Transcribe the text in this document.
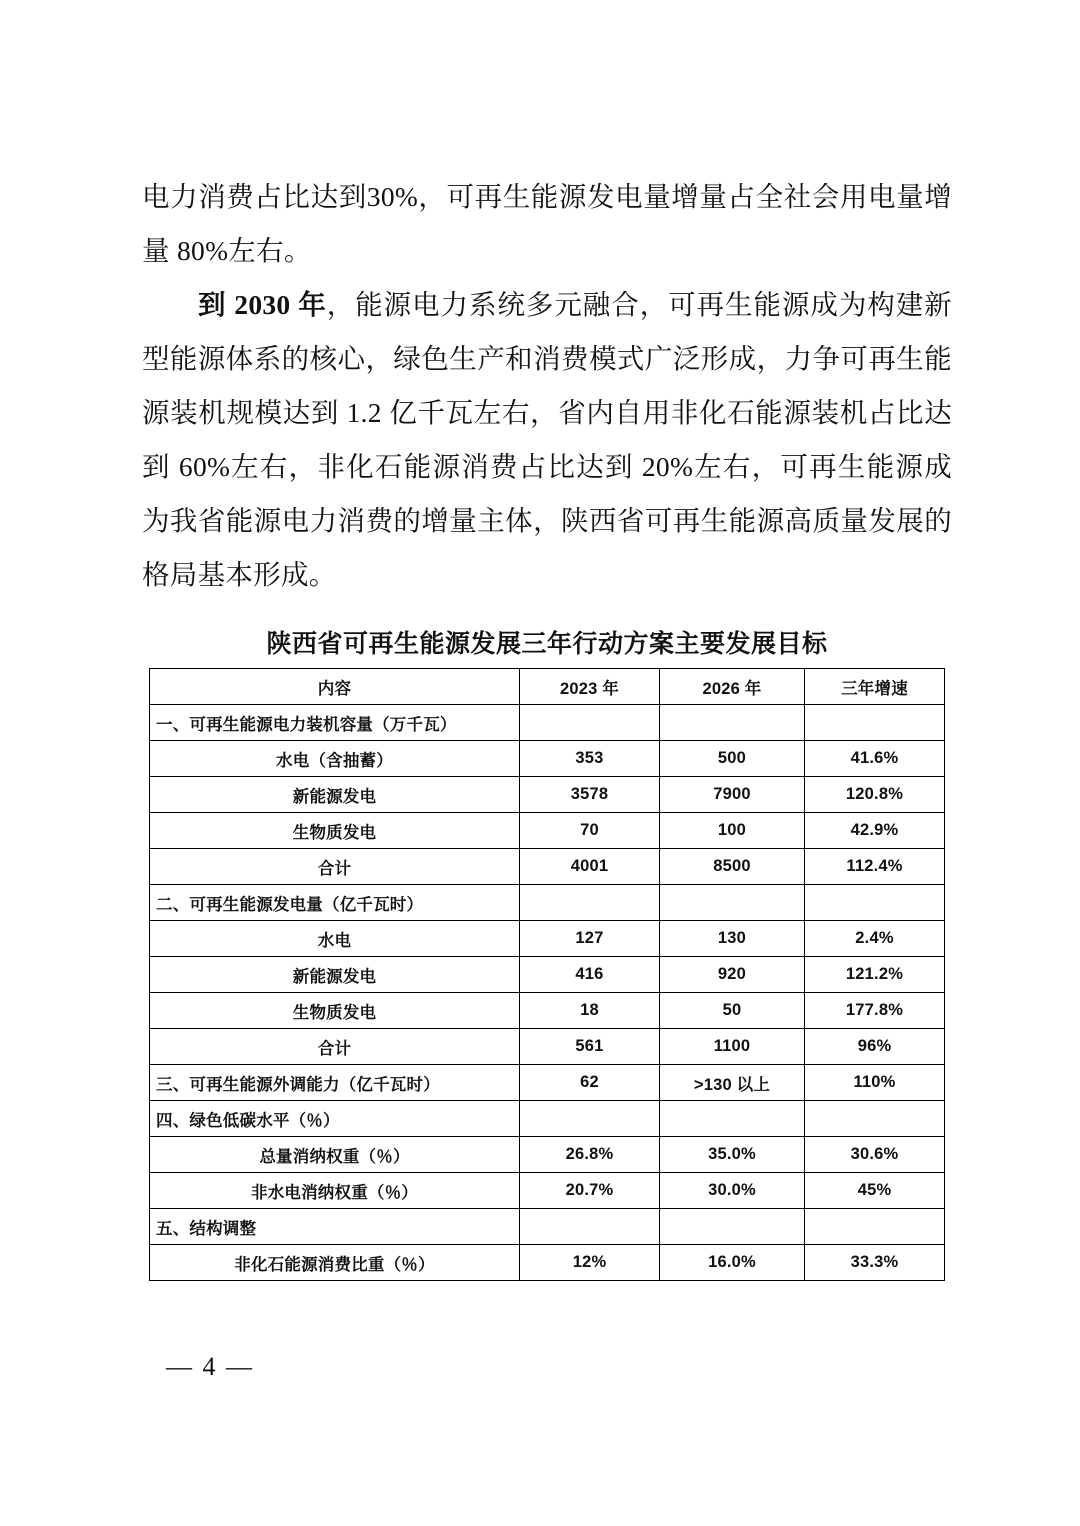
电力消费占比达到30%，可再生能源发电量增量占全社会用电量增量 80%左右。

到 2030 年，能源电力系统多元融合，可再生能源成为构建新型能源体系的核心，绿色生产和消费模式广泛形成，力争可再生能源装机规模达到 1.2 亿千瓦左右，省内自用非化石能源装机占比达到 60%左右，非化石能源消费占比达到 20%左右，可再生能源成为我省能源电力消费的增量主体，陕西省可再生能源高质量发展的格局基本形成。

陕西省可再生能源发展三年行动方案主要发展目标
内容	2023 年	2026 年	三年增速
一、可再生能源电力装机容量（万千瓦）			
水电（含抽蓄）	353	500	41.6%
新能源发电	3578	7900	120.8%
生物质发电	70	100	42.9%
合计	4001	8500	112.4%
二、可再生能源发电量（亿千瓦时）			
水电	127	130	2.4%
新能源发电	416	920	121.2%
生物质发电	18	50	177.8%
合计	561	1100	96%
三、可再生能源外调能力（亿千瓦时）	62	>130 以上	110%
四、绿色低碳水平（％）			
总量消纳权重（％）	26.8%	35.0%	30.6%
非水电消纳权重（％）	20.7%	30.0%	45%
五、结构调整			
非化石能源消费比重（％）	12%	16.0%	33.3%
— 4 —
